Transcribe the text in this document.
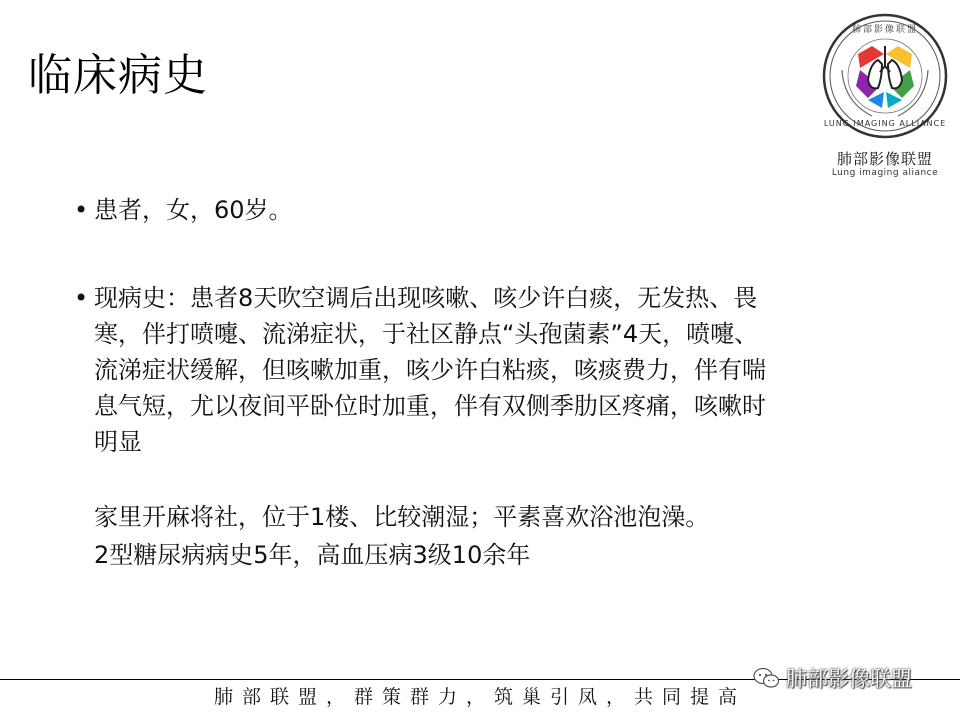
临床病史
LUNG IMAGING ALLIANCE
肺部影像联盟
肺部影像联盟
Lung imaging aliance
• 患者，女，60岁。
• 现病史：患者8天吹空调后出现咳嗽、咳少许白痰，无发热、畏
寒，伴打喷嚏、流涕症状，于社区静点“头孢菌素”4天，喷嚏、
流涕症状缓解，但咳嗽加重，咳少许白粘痰，咳痰费力，伴有喘
息气短，尤以夜间平卧位时加重，伴有双侧季肋区疼痛，咳嗽时
明显
家里开麻将社，位于1楼、比较潮湿；平素喜欢浴池泡澡。
2型糖尿病病史5年，高血压病3级10余年
肺部联盟，群策群力，筑巢引凤，共同提高
肺部影像联盟
